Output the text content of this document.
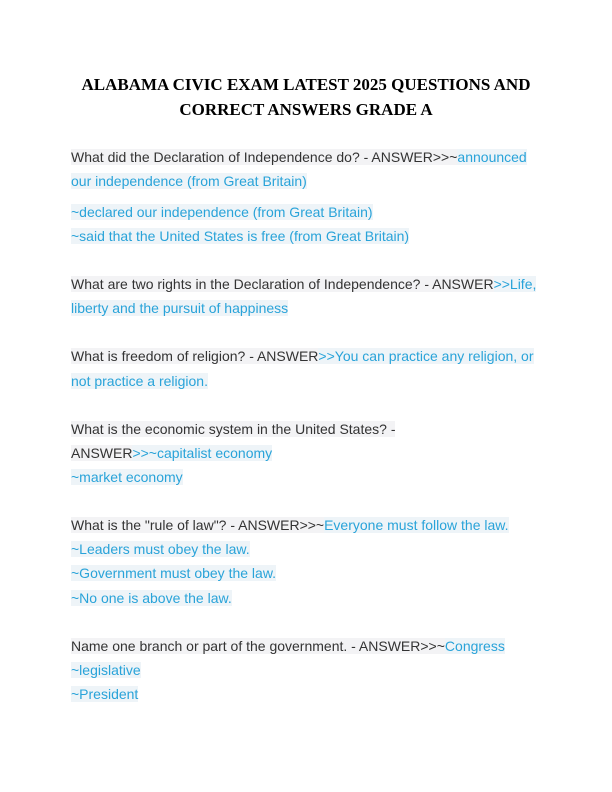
ALABAMA CIVIC EXAM LATEST 2025 QUESTIONS AND
CORRECT ANSWERS GRADE A
What did the Declaration of Independence do? - ANSWER>>~announced
our independence (from Great Britain)
~declared our independence (from Great Britain)
~said that the United States is free (from Great Britain)
What are two rights in the Declaration of Independence? - ANSWER>>Life,
liberty and the pursuit of happiness
What is freedom of religion? - ANSWER>>You can practice any religion, or
not practice a religion.
What is the economic system in the United States? -
ANSWER>>~capitalist economy
~market economy
What is the "rule of law"? - ANSWER>>~Everyone must follow the law.
~Leaders must obey the law.
~Government must obey the law.
~No one is above the law.
Name one branch or part of the government. - ANSWER>>~Congress
~legislative
~President
